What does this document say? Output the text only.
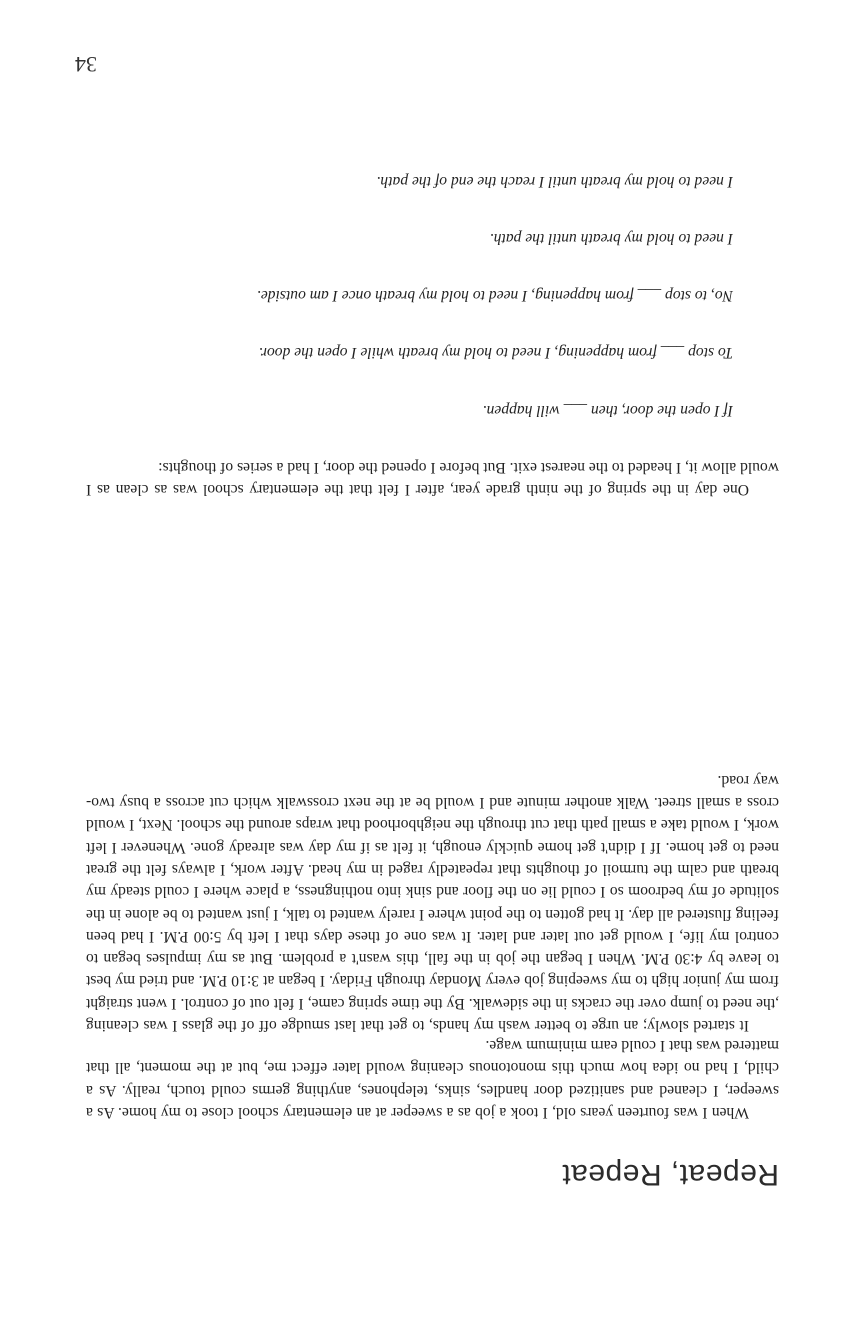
Repeat, Repeat

When I was fourteen years old, I took a job as a sweeper at an elementary school close to my home. As a sweeper, I cleaned and sanitized door handles, sinks, telephones, anything germs could touch, really. As a child, I had no idea how much this monotonous cleaning would later effect me, but at the moment, all that mattered was that I could earn minimum wage.

It started slowly; an urge to better wash my hands, to get that last smudge off of the glass I was cleaning ,the need to jump over the cracks in the sidewalk. By the time spring came, I felt out of control. I went straight from my junior high to my sweeping job every Monday through Friday. I began at 3:10 P.M. and tried my best to leave by 4:30 P.M. When I began the job in the fall, this wasn't a problem. But as my impulses began to control my life, I would get out later and later. It was one of these days that I left by 5:00 P.M. I had been feeling flustered all day. It had gotten to the point where I rarely wanted to talk, I just wanted to be alone in the solitude of my bedroom so I could lie on the floor and sink into nothingness, a place where I could steady my breath and calm the turmoil of thoughts that repeatedly raged in my head. After work, I always felt the great need to get home. If I didn't get home quickly enough, it felt as if my day was already gone. Whenever I left work, I would take a small path that cut through the neighborhood that wraps around the school. Next, I would cross a small street. Walk another minute and I would be at the next crosswalk which cut across a busy two-way road.

One day in the spring of the ninth grade year, after I felt that the elementary school was as clean as I would allow it, I headed to the nearest exit. But before I opened the door, I had a series of thoughts:

If I open the door, then ___ will happen.

To stop ___ from happening, I need to hold my breath while I open the door.

No, to stop ___ from happening, I need to hold my breath once I am outside.

I need to hold my breath until the path.

I need to hold my breath until I reach the end of the path.

34
